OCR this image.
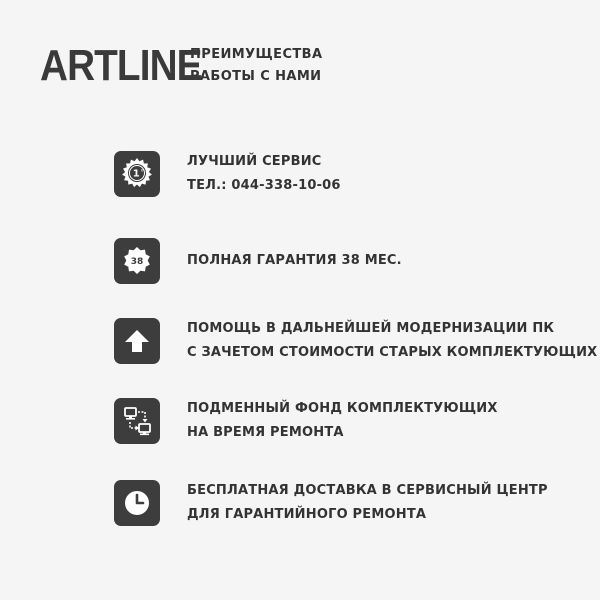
ARTLINE
ПРЕИМУЩЕСТВА
РАБОТЫ С НАМИ
1 o
ЛУЧШИЙ СЕРВИС
ТЕЛ.: 044-338-10-06
38	ПОЛНАЯ ГАРАНТИЯ 38 МЕС.
ПОМОЩЬ В ДАЛЬНЕЙШЕЙ МОДЕРНИЗАЦИИ ПК
С ЗАЧЕТОМ СТОИМОСТИ СТАРЫХ КОМПЛЕКТУЮЩИХ
ПОДМЕННЫЙ ФОНД КОМПЛЕКТУЮЩИХ
НА ВРЕМЯ РЕМОНТА
БЕСПЛАТНАЯ ДОСТАВКА В СЕРВИСНЫЙ ЦЕНТР
ДЛЯ ГАРАНТИЙНОГО РЕМОНТА
